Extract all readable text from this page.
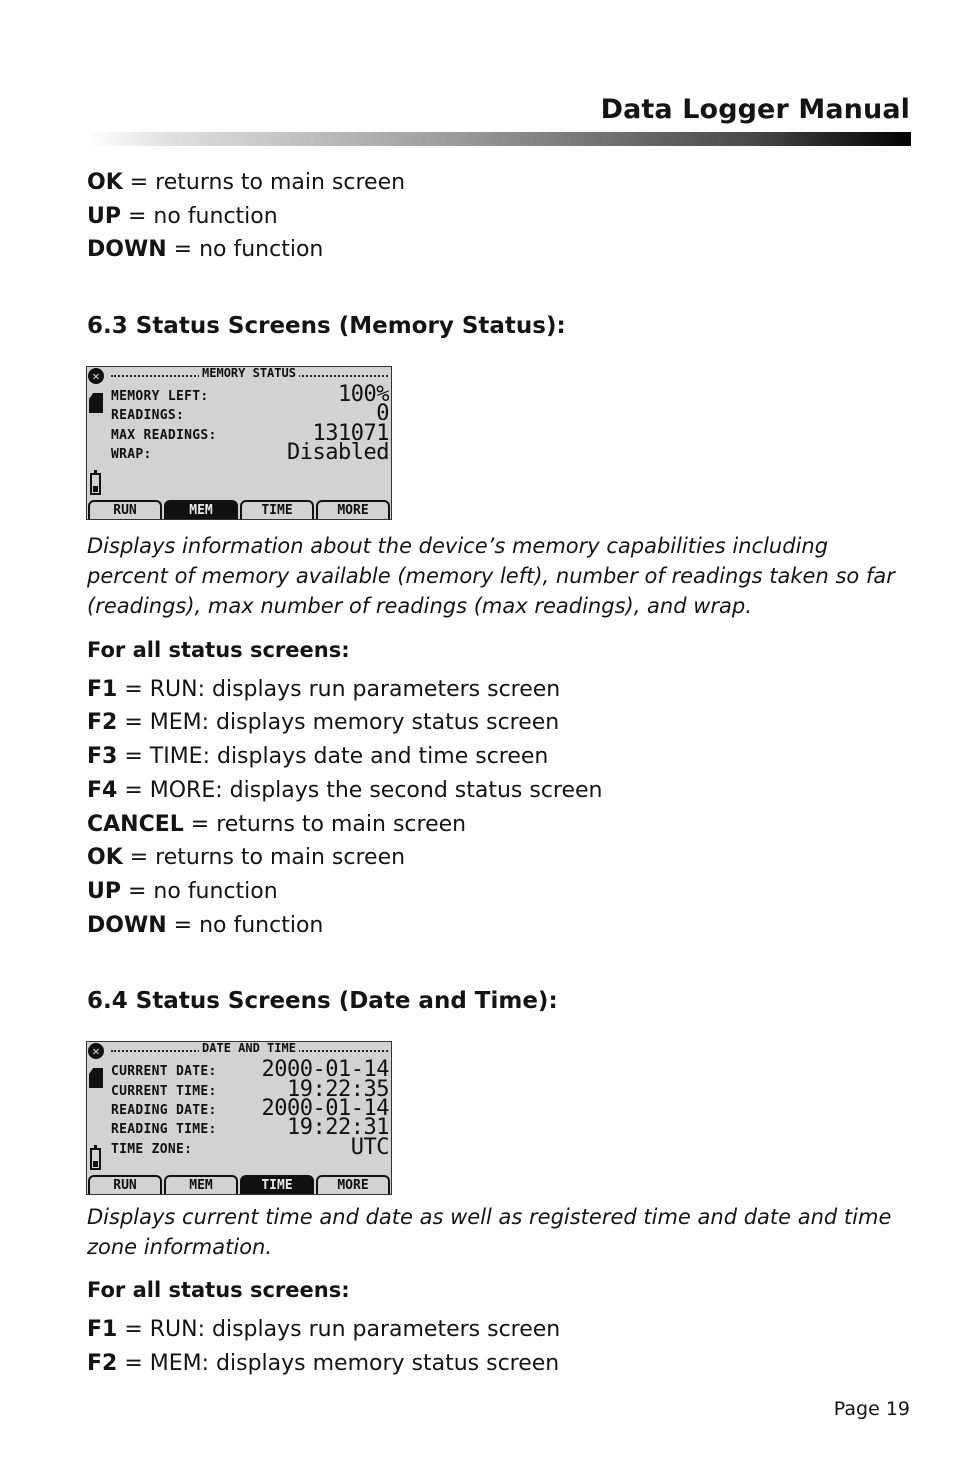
Data Logger Manual
OK = returns to main screen
UP = no function
DOWN = no function
6.3 Status Screens (Memory Status):
MEMORY STATUS
✕
MEMORY LEFT:	100%
READINGS:	0
MAX READINGS:	131071
WRAP:	Disabled
RUN	MEM	TIME	MORE
Displays information about the device’s memory capabilities including percent of memory available (memory left), number of readings taken so far (readings), max number of readings (max readings), and wrap.
For all status screens:
F1 = RUN: displays run parameters screen
F2 = MEM: displays memory status screen
F3 = TIME: displays date and time screen
F4 = MORE: displays the second status screen
CANCEL = returns to main screen
OK = returns to main screen
UP = no function
DOWN = no function
6.4 Status Screens (Date and Time):
DATE AND TIME
✕
CURRENT DATE: 2000-01-14
CURRENT TIME:	19:22:35
READING DATE: 2000-01-14
READING TIME:	19:22:31
TIME ZONE:	UTC
RUN	MEM	TIME	MORE
Displays current time and date as well as registered time and date and time zone information.
For all status screens:
F1 = RUN: displays run parameters screen
F2 = MEM: displays memory status screen
Page 19
